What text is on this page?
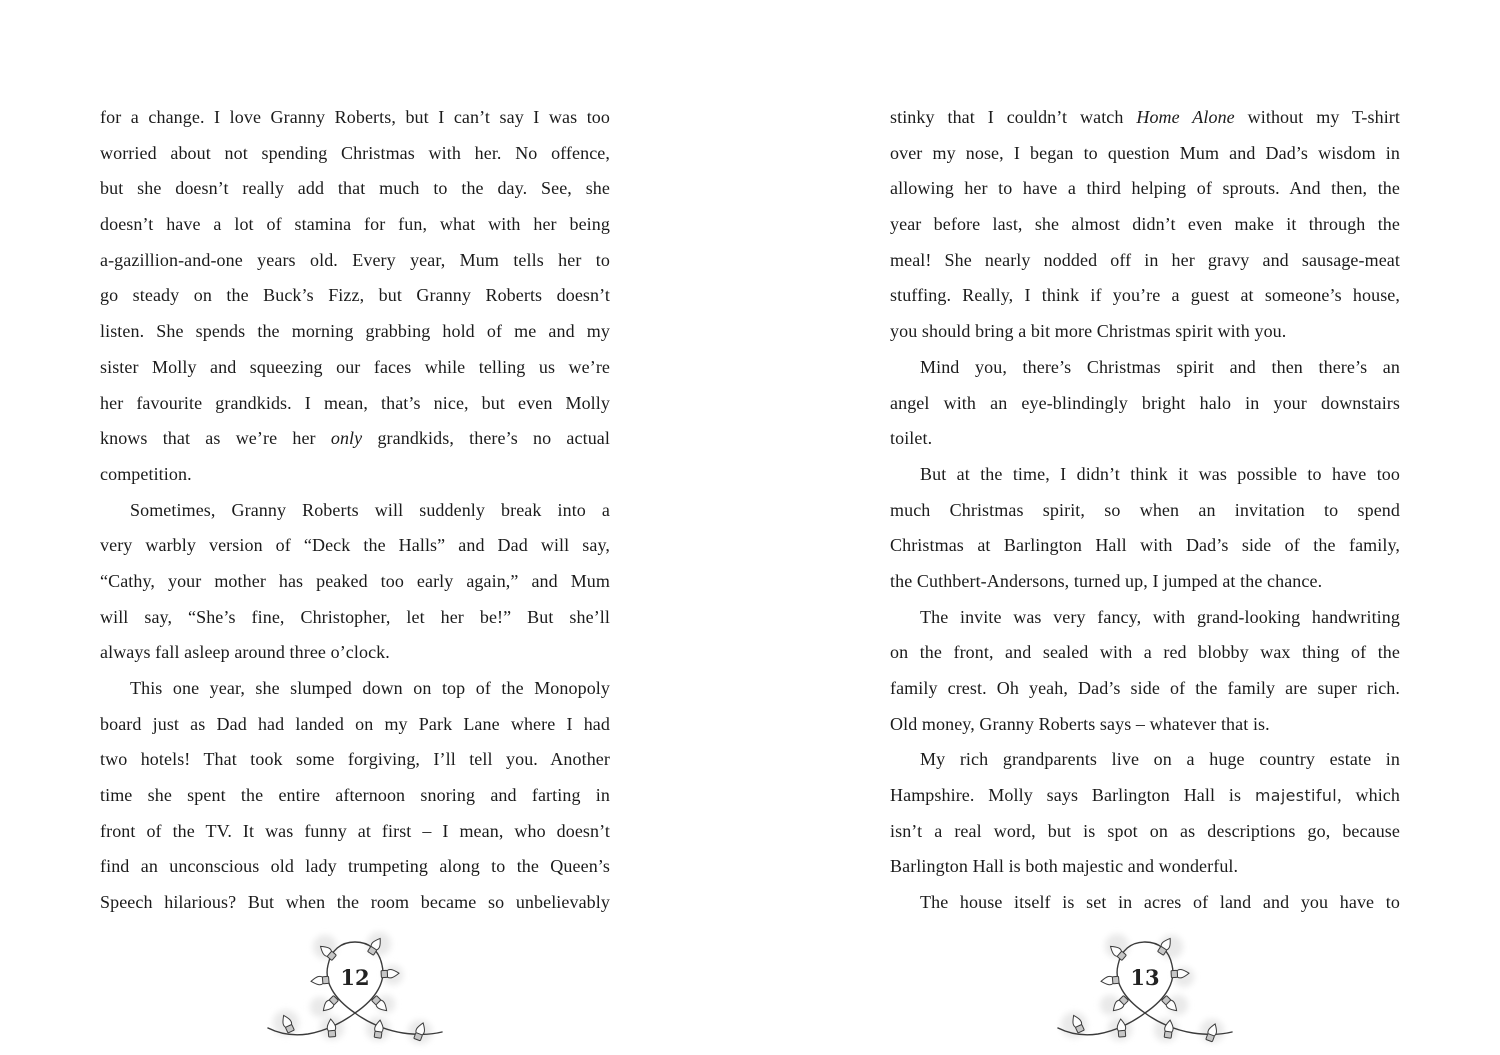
for a change. I love Granny Roberts, but I can’t say I was too
worried about not spending Christmas with her. No offence,
but she doesn’t really add that much to the day. See, she
doesn’t have a lot of stamina for fun, what with her being
a-gazillion-and-one years old. Every year, Mum tells her to
go steady on the Buck’s Fizz, but Granny Roberts doesn’t
listen. She spends the morning grabbing hold of me and my
sister Molly and squeezing our faces while telling us we’re
her favourite grandkids. I mean, that’s nice, but even Molly
knows that as we’re her only grandkids, there’s no actual
competition.
Sometimes, Granny Roberts will suddenly break into a
very warbly version of “Deck the Halls” and Dad will say,
“Cathy, your mother has peaked too early again,” and Mum
will say, “She’s fine, Christopher, let her be!” But she’ll
always fall asleep around three o’clock.
This one year, she slumped down on top of the Monopoly
board just as Dad had landed on my Park Lane where I had
two hotels! That took some forgiving, I’ll tell you. Another
time she spent the entire afternoon snoring and farting in
front of the TV. It was funny at first – I mean, who doesn’t
find an unconscious old lady trumpeting along to the Queen’s
Speech hilarious? But when the room became so unbelievably
12
stinky that I couldn’t watch Home Alone without my T-shirt
over my nose, I began to question Mum and Dad’s wisdom in
allowing her to have a third helping of sprouts. And then, the
year before last, she almost didn’t even make it through the
meal! She nearly nodded off in her gravy and sausage-meat
stuffing. Really, I think if you’re a guest at someone’s house,
you should bring a bit more Christmas spirit with you.
Mind you, there’s Christmas spirit and then there’s an
angel with an eye-blindingly bright halo in your downstairs
toilet.
But at the time, I didn’t think it was possible to have too
much Christmas spirit, so when an invitation to spend
Christmas at Barlington Hall with Dad’s side of the family,
the Cuthbert-Andersons, turned up, I jumped at the chance.
The invite was very fancy, with grand-looking handwriting
on the front, and sealed with a red blobby wax thing of the
family crest. Oh yeah, Dad’s side of the family are super rich.
Old money, Granny Roberts says – whatever that is.
My rich grandparents live on a huge country estate in
Hampshire. Molly says Barlington Hall is majestiful, which
isn’t a real word, but is spot on as descriptions go, because
Barlington Hall is both majestic and wonderful.
The house itself is set in acres of land and you have to
13
